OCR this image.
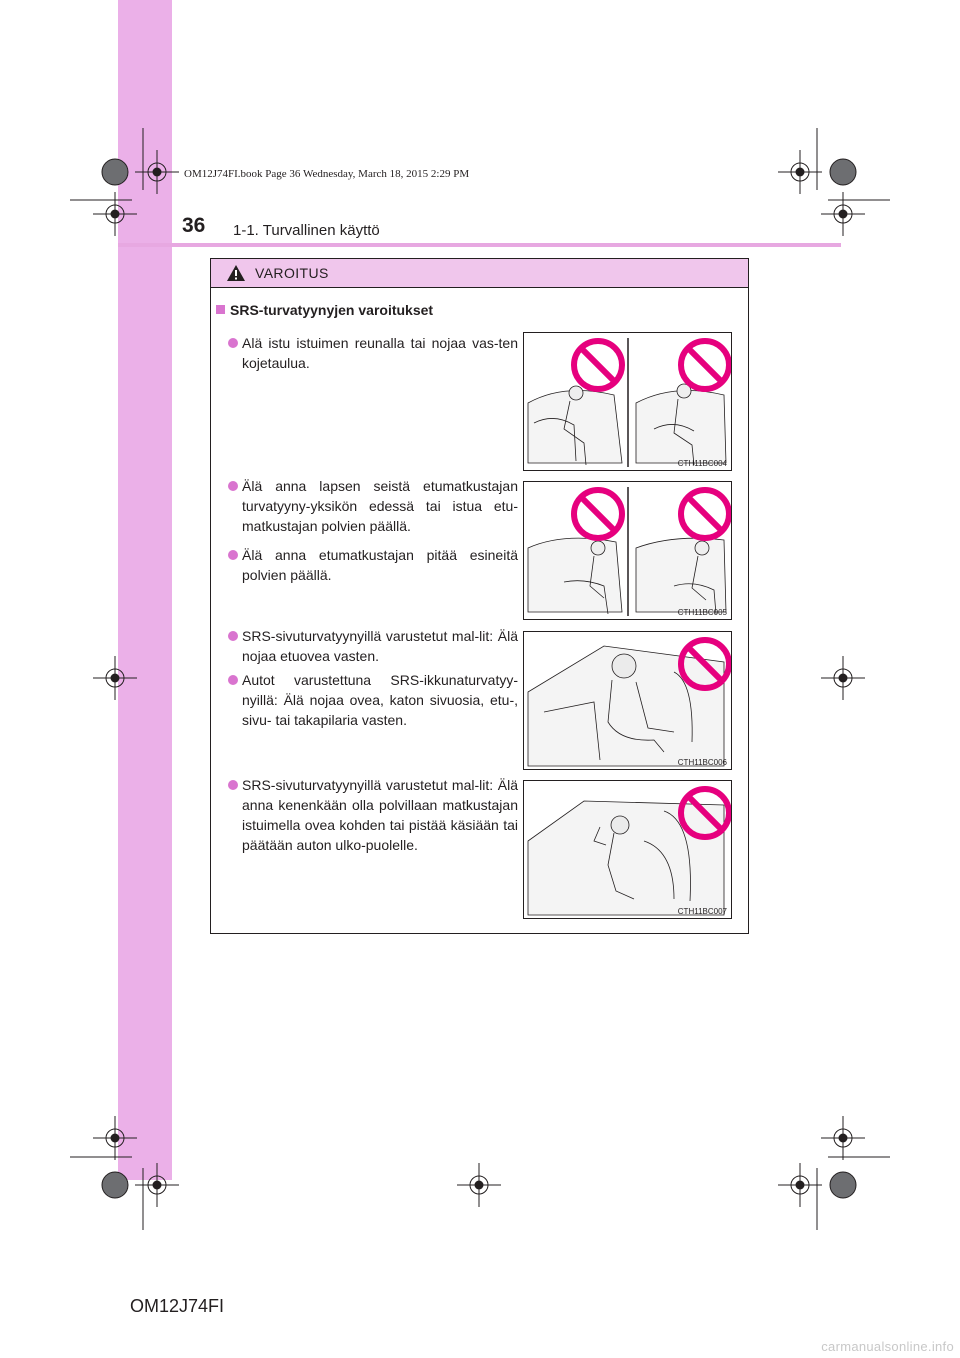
36 1-1. Turvallinen käyttö
OM12J74FI.book Page 36 Wednesday, March 18, 2015 2:29 PM
VAROITUS
SRS-turvatyynyjen varoitukset
Alä istu istuimen reunalla tai nojaa vas-ten kojetaulua.
Älä anna lapsen seistä etumatkustajan turvatyyny-yksikön edessä tai istua etu-matkustajan polvien päällä.
Älä anna etumatkustajan pitää esineitä polvien päällä.
SRS-sivuturvatyynyillä varustetut mal-lit: Älä nojaa etuovea vasten.
Autot varustettuna SRS-ikkunaturvatyy-nyillä: Älä nojaa ovea, katon sivuosia, etu-, sivu- tai takapilaria vasten.
SRS-sivuturvatyynyillä varustetut mal-lit: Älä anna kenenkään olla polvillaan matkustajan istuimella ovea kohden tai pistää käsiään tai päätään auton ulko-puolelle.
CTH11BC004
CTH11BC005
CTH11BC006
CTH11BC007
OM12J74FI
carmanualsonline.info
